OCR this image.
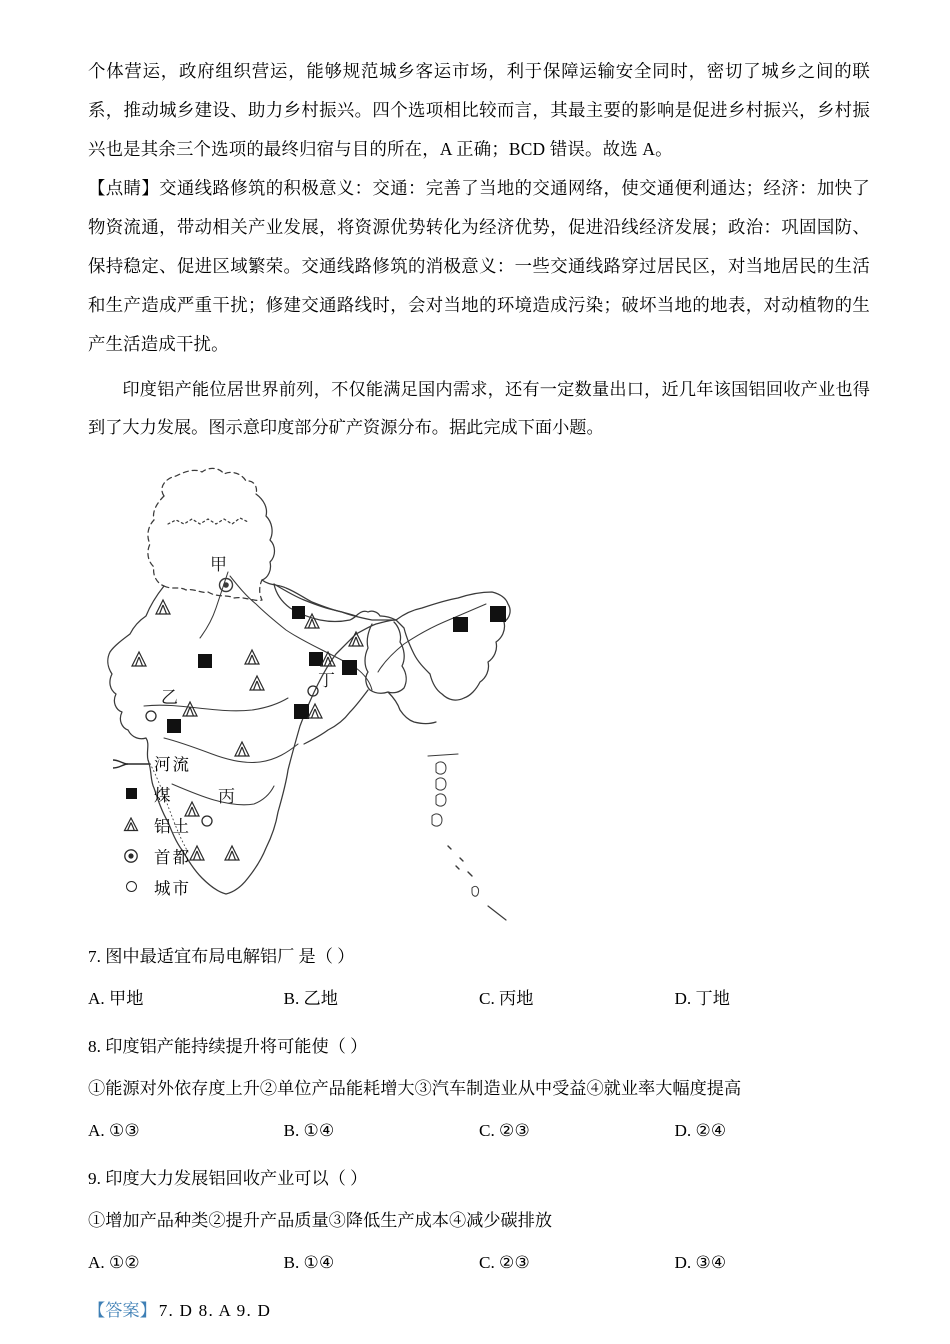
个体营运，政府组织营运，能够规范城乡客运市场，利于保障运输安全同时，密切了城乡之间的联系，推动城乡建设、助力乡村振兴。四个选项相比较而言，其最主要的影响是促进乡村振兴，乡村振兴也是其余三个选项的最终归宿与目的所在，A 正确；BCD 错误。故选 A。

【点睛】交通线路修筑的积极意义：交通：完善了当地的交通网络，使交通便利通达；经济：加快了物资流通，带动相关产业发展，将资源优势转化为经济优势，促进沿线经济发展；政治：巩固国防、保持稳定、促进区域繁荣。交通线路修筑的消极意义：一些交通线路穿过居民区，对当地居民的生活和生产造成严重干扰；修建交通路线时，会对当地的环境造成污染；破坏当地的地表，对动植物的生产生活造成干扰。

印度铝产能位居世界前列，不仅能满足国内需求，还有一定数量出口，近几年该国铝回收产业也得到了大力发展。图示意印度部分矿产资源分布。据此完成下面小题。

甲
乙
丙
丁
河流
煤
铝土
首都
城市

7. 图中最适宜布局电解铝厂 是（ ）

A. 甲地	B. 乙地	C. 丙地	D. 丁地

8. 印度铝产能持续提升将可能使（ ）

①能源对外依存度上升②单位产品能耗增大③汽车制造业从中受益④就业率大幅度提高

A. ①③	B. ①④	C. ②③	D. ②④

9. 印度大力发展铝回收产业可以（ ）

①增加产品种类②提升产品质量③降低生产成本④减少碳排放

A. ①②	B. ①④	C. ②③	D. ③④
【答案】 7. D 8. A 9. D
